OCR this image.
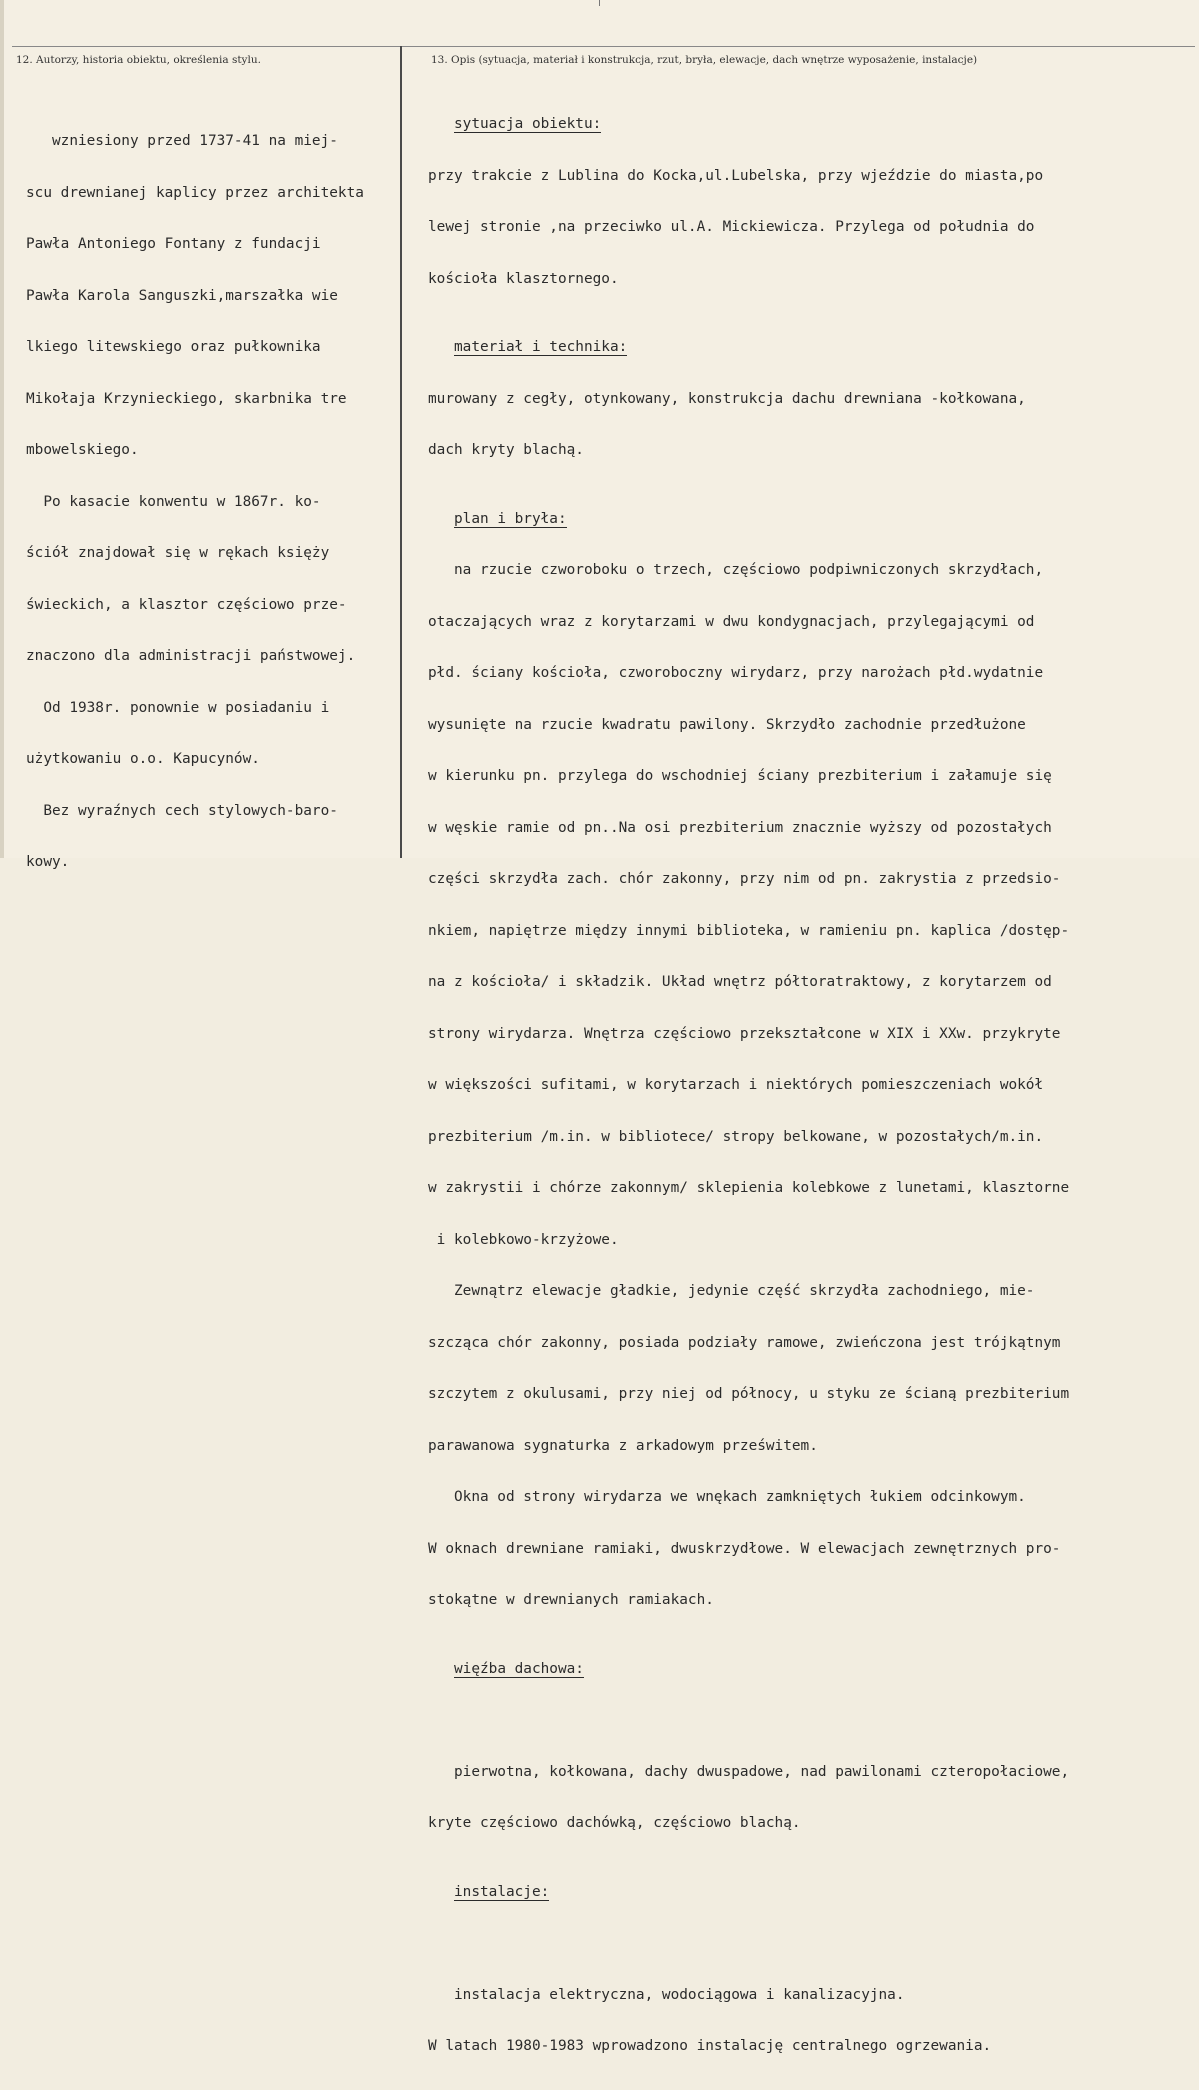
12. Autorzy, historia obiektu, określenia stylu.	13. Opis (sytuacja, materiał i konstrukcja, rzut, bryła, elewacje, dach wnętrze wyposażenie, instalacje)

wzniesiony przed 1737-41 na miej-

scu drewnianej kaplicy przez architekta

Pawła Antoniego Fontany z fundacji

Pawła Karola Sanguszki,marszałka wie

lkiego litewskiego oraz pułkownika

Mikołaja Krzynieckiego, skarbnika tre

mbowelskiego.

Po kasacie konwentu w 1867r. ko-

ściół znajdował się w rękach księży

świeckich, a klasztor częściowo prze-

znaczono dla administracji państwowej.

Od 1938r. ponownie w posiadaniu i

użytkowaniu o.o. Kapucynów.

Bez wyraźnych cech stylowych-baro-

kowy.

sytuacja obiektu:

przy trakcie z Lublina do Kocka,ul.Lubelska, przy wjeździe do miasta,po

lewej stronie ,na przeciwko ul.A. Mickiewicza. Przylega od południa do

kościoła klasztornego.

materiał i technika:

murowany z cegły, otynkowany, konstrukcja dachu drewniana -kołkowana,

dach kryty blachą.

plan i bryła:

na rzucie czworoboku o trzech, częściowo podpiwniczonych skrzydłach,

otaczających wraz z korytarzami w dwu kondygnacjach, przylegającymi od

płd. ściany kościoła, czworoboczny wirydarz, przy narożach płd.wydatnie

wysunięte na rzucie kwadratu pawilony. Skrzydło zachodnie przedłużone

w kierunku pn. przylega do wschodniej ściany prezbiterium i załamuje się

w węskie ramie od pn..Na osi prezbiterium znacznie wyższy od pozostałych

części skrzydła zach. chór zakonny, przy nim od pn. zakrystia z przedsio-

nkiem, napiętrze między innymi biblioteka, w ramieniu pn. kaplica /dostęp-

na z kościoła/ i składzik. Układ wnętrz półtoratraktowy, z korytarzem od

strony wirydarza. Wnętrza częściowo przekształcone w XIX i XXw. przykryte

w większości sufitami, w korytarzach i niektórych pomieszczeniach wokół

prezbiterium /m.in. w bibliotece/ stropy belkowane, w pozostałych/m.in.

w zakrystii i chórze zakonnym/ sklepienia kolebkowe z lunetami, klasztorne

i kolebkowo-krzyżowe.

Zewnątrz elewacje gładkie, jedynie część skrzydła zachodniego, mie-

szcząca chór zakonny, posiada podziały ramowe, zwieńczona jest trójkątnym

szczytem z okulusami, przy niej od północy, u styku ze ścianą prezbiterium

parawanowa sygnaturka z arkadowym prześwitem.

Okna od strony wirydarza we wnękach zamkniętych łukiem odcinkowym.

W oknach drewniane ramiaki, dwuskrzydłowe. W elewacjach zewnętrznych pro-

stokątne w drewnianych ramiakach.

więźba dachowa:

pierwotna, kołkowana, dachy dwuspadowe, nad pawilonami czteropołaciowe,

kryte częściowo dachówką, częściowo blachą.

instalacje:

instalacja elektryczna, wodociągowa i kanalizacyjna.

W latach 1980-1983 wprowadzono instalację centralnego ogrzewania.
